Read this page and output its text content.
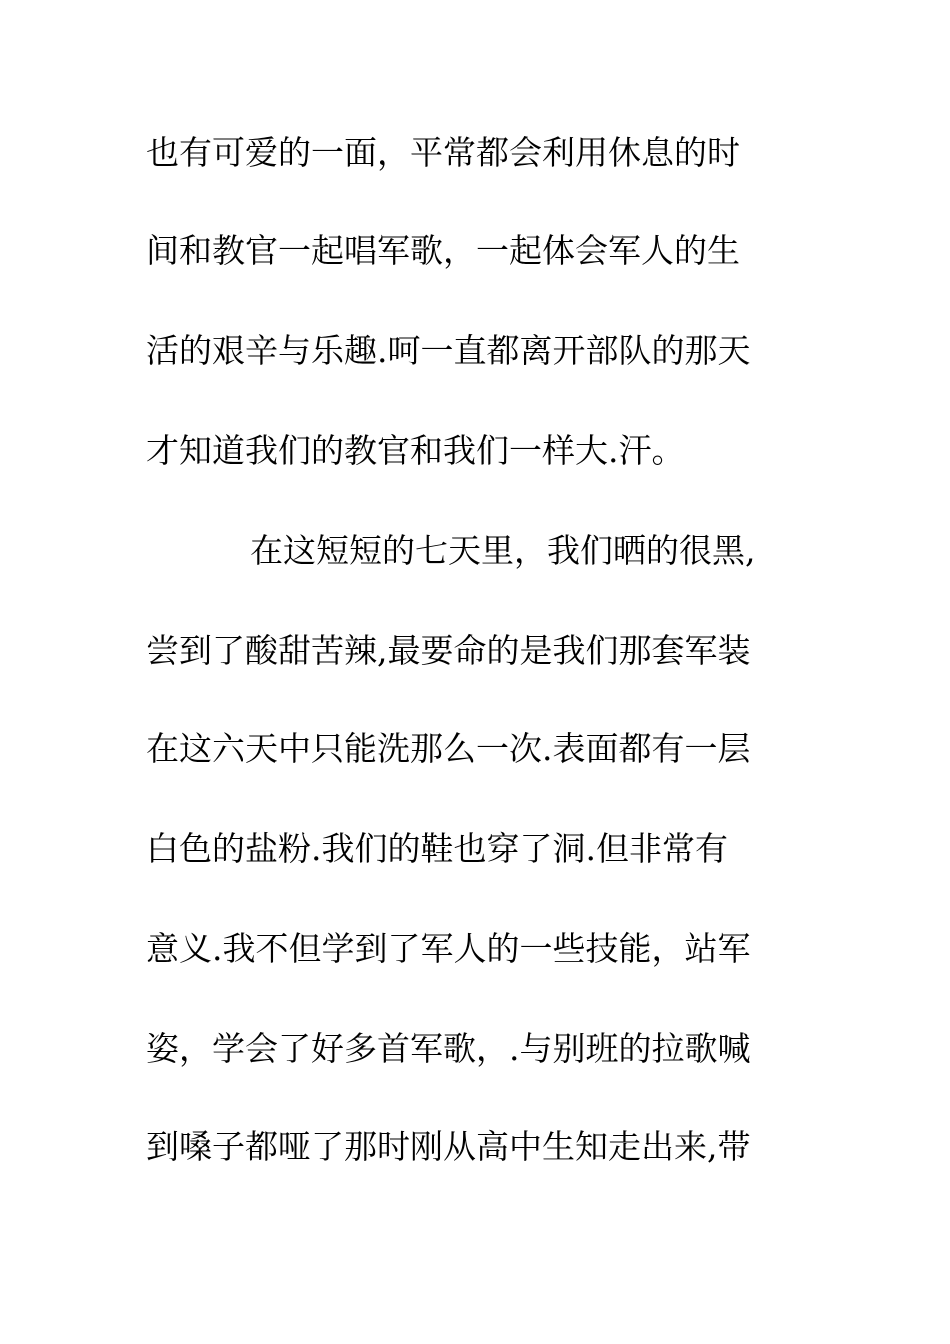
也有可爱的一面，平常都会利用休息的时
间和教官一起唱军歌，一起体会军人的生
活的艰辛与乐趣.呵一直都离开部队的那天
才知道我们的教官和我们一样大.汗。
在这短短的七天里，我们晒的很黑,
尝到了酸甜苦辣,最要命的是我们那套军装
在这六天中只能洗那么一次.表面都有一层
白色的盐粉.我们的鞋也穿了洞.但非常有
意义.我不但学到了军人的一些技能，站军
姿，学会了好多首军歌，.与别班的拉歌喊
到嗓子都哑了那时刚从高中生知走出来,带
